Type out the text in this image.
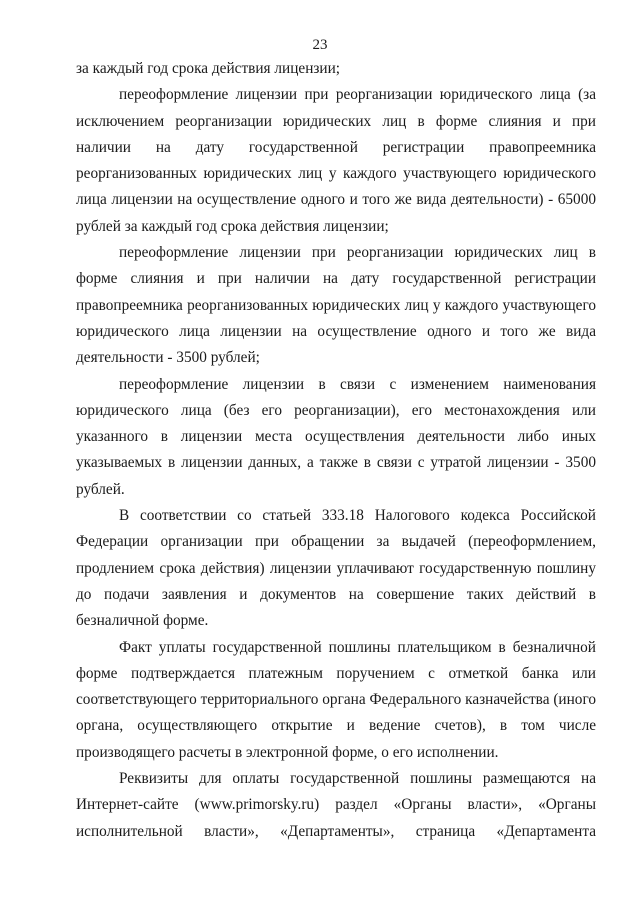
23

за каждый год срока действия лицензии;

переоформление лицензии при реорганизации юридического лица (за исключением реорганизации юридических лиц в форме слияния и при наличии на дату государственной регистрации правопреемника реорганизованных юридических лиц у каждого участвующего юридического лица лицензии на осуществление одного и того же вида деятельности) - 65000 рублей за каждый год срока действия лицензии;

переоформление лицензии при реорганизации юридических лиц в форме слияния и при наличии на дату государственной регистрации правопреемника реорганизованных юридических лиц у каждого участвующего юридического лица лицензии на осуществление одного и того же вида деятельности - 3500 рублей;

переоформление лицензии в связи с изменением наименования юридического лица (без его реорганизации), его местонахождения или указанного в лицензии места осуществления деятельности либо иных указываемых в лицензии данных, а также в связи с утратой лицензии - 3500 рублей.

В соответствии со статьей 333.18 Налогового кодекса Российской Федерации организации при обращении за выдачей (переоформлением, продлением срока действия) лицензии уплачивают государственную пошлину до подачи заявления и документов на совершение таких действий в безналичной форме.

Факт уплаты государственной пошлины плательщиком в безналичной форме подтверждается платежным поручением с отметкой банка или соответствующего территориального органа Федерального казначейства (иного органа, осуществляющего открытие и ведение счетов), в том числе производящего расчеты в электронной форме, о его исполнении.

Реквизиты для оплаты государственной пошлины размещаются на Интернет-сайте (www.primorsky.ru) раздел «Органы власти», «Органы исполнительной власти», «Департаменты», страница «Департамента
